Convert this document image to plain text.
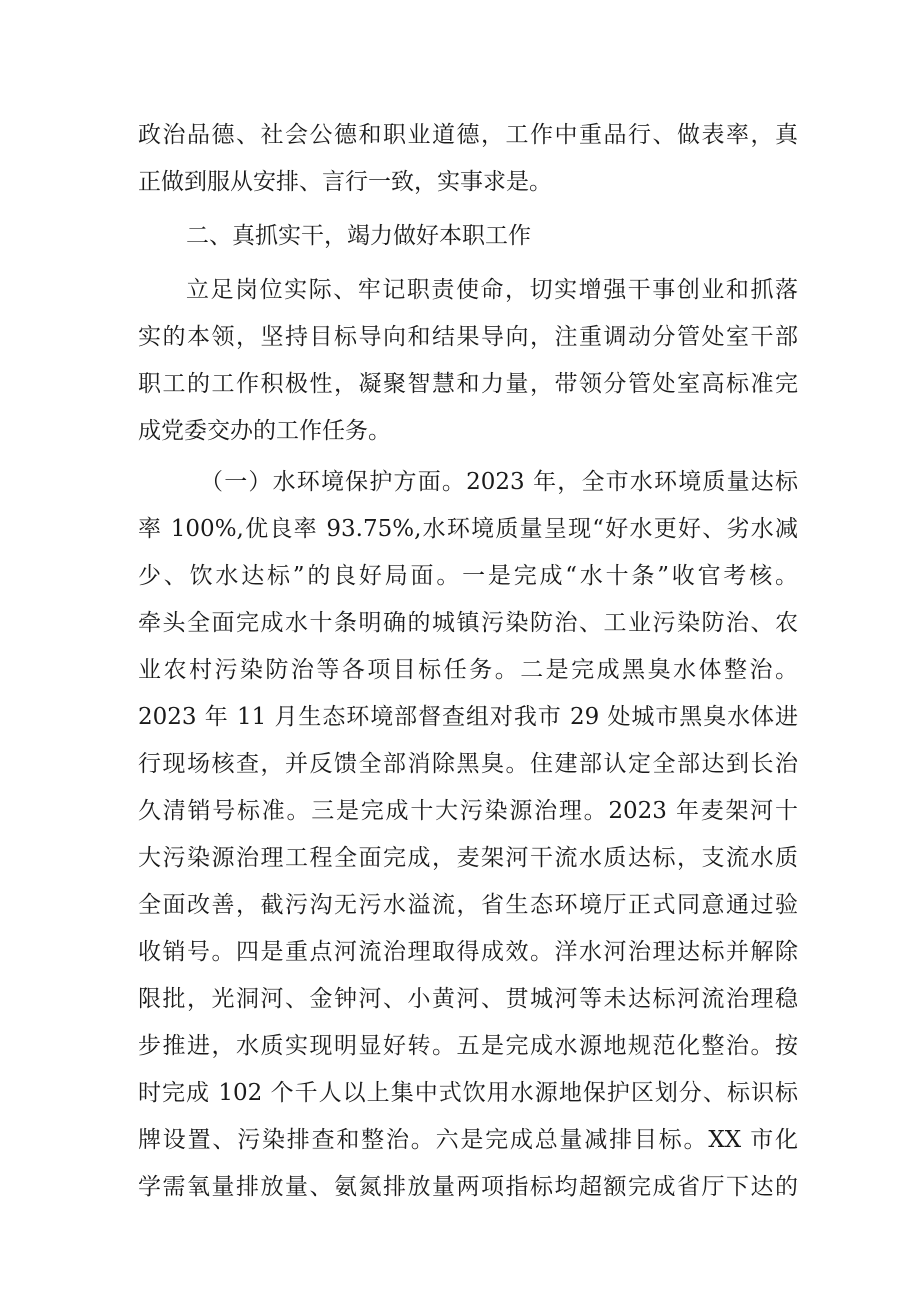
政治品德、社会公德和职业道德，工作中重品行、做表率，真
正做到服从安排、言行一致，实事求是。
二、真抓实干，竭力做好本职工作
立足岗位实际、牢记职责使命，切实增强干事创业和抓落
实的本领，坚持目标导向和结果导向，注重调动分管处室干部
职工的工作积极性，凝聚智慧和力量，带领分管处室高标准完
成党委交办的工作任务。
（一）水环境保护方面。2023 年，全市水环境质量达标
率 100%,优良率 93.75%,水环境质量呈现“好水更好、劣水减
少、饮水达标”的良好局面。一是完成“水十条”收官考核。
牵头全面完成水十条明确的城镇污染防治、工业污染防治、农
业农村污染防治等各项目标任务。二是完成黑臭水体整治。
2023 年 11 月生态环境部督查组对我市 29 处城市黑臭水体进
行现场核查，并反馈全部消除黑臭。住建部认定全部达到长治
久清销号标准。三是完成十大污染源治理。2023 年麦架河十
大污染源治理工程全面完成，麦架河干流水质达标，支流水质
全面改善，截污沟无污水溢流，省生态环境厅正式同意通过验
收销号。四是重点河流治理取得成效。洋水河治理达标并解除
限批，光洞河、金钟河、小黄河、贯城河等未达标河流治理稳
步推进，水质实现明显好转。五是完成水源地规范化整治。按
时完成 102 个千人以上集中式饮用水源地保护区划分、标识标
牌设置、污染排查和整治。六是完成总量减排目标。XX 市化
学需氧量排放量、氨氮排放量两项指标均超额完成省厅下达的
